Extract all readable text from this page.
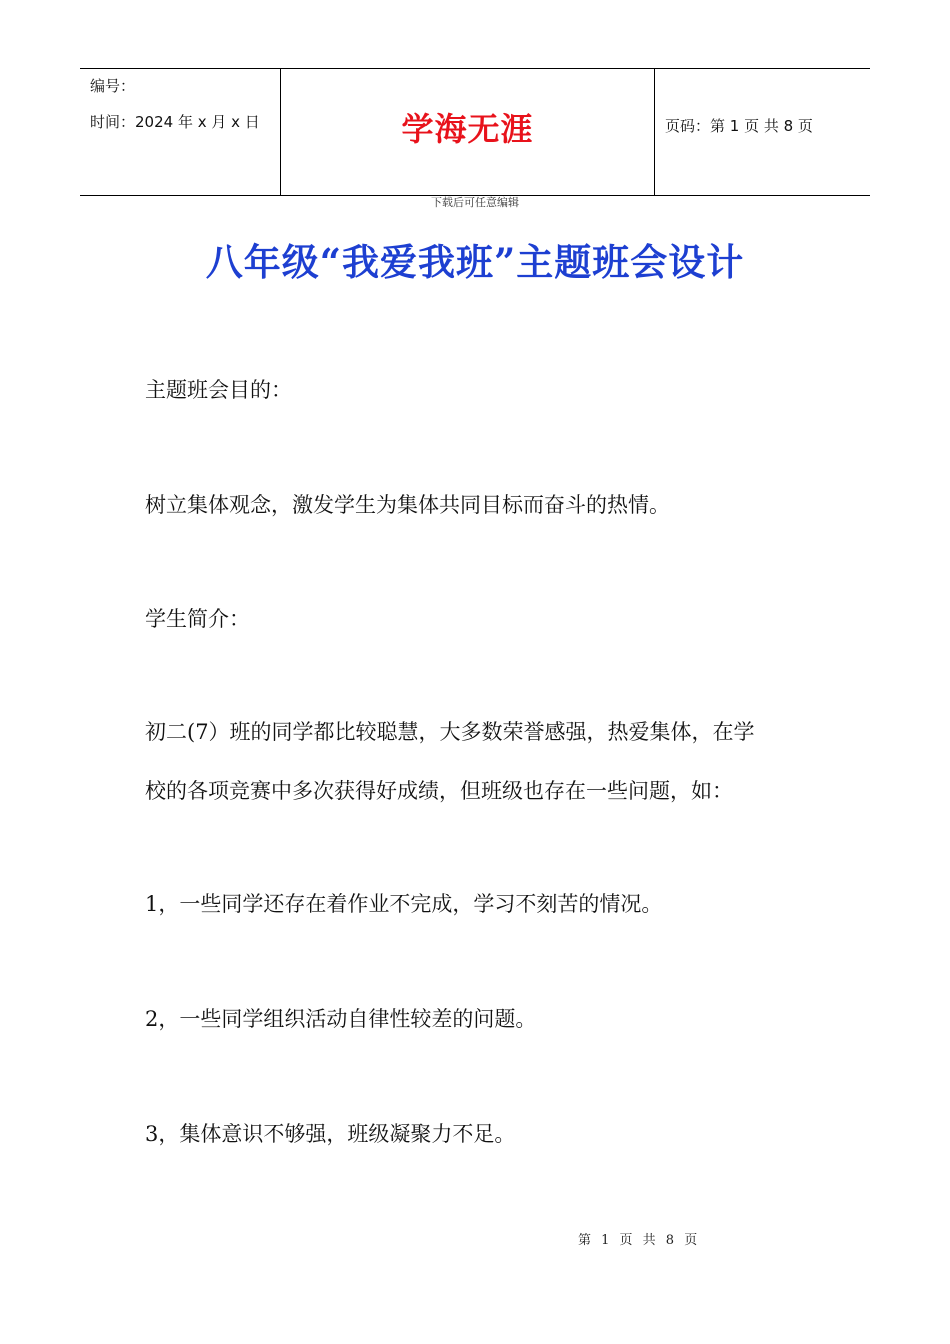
编号：
时间：2024 年 x 月 x 日	学海无涯	页码：第 1 页 共 8 页
下载后可任意编辑
八年级“我爱我班”主题班会设计
主题班会目的：
树立集体观念，激发学生为集体共同目标而奋斗的热情。
学生简介：
初二(7）班的同学都比较聪慧，大多数荣誉感强，热爱集体，在学
校的各项竞赛中多次获得好成绩，但班级也存在一些问题，如：
1，一些同学还存在着作业不完成，学习不刻苦的情况。
2，一些同学组织活动自律性较差的问题。
3，集体意识不够强，班级凝聚力不足。
第 1 页 共 8 页
